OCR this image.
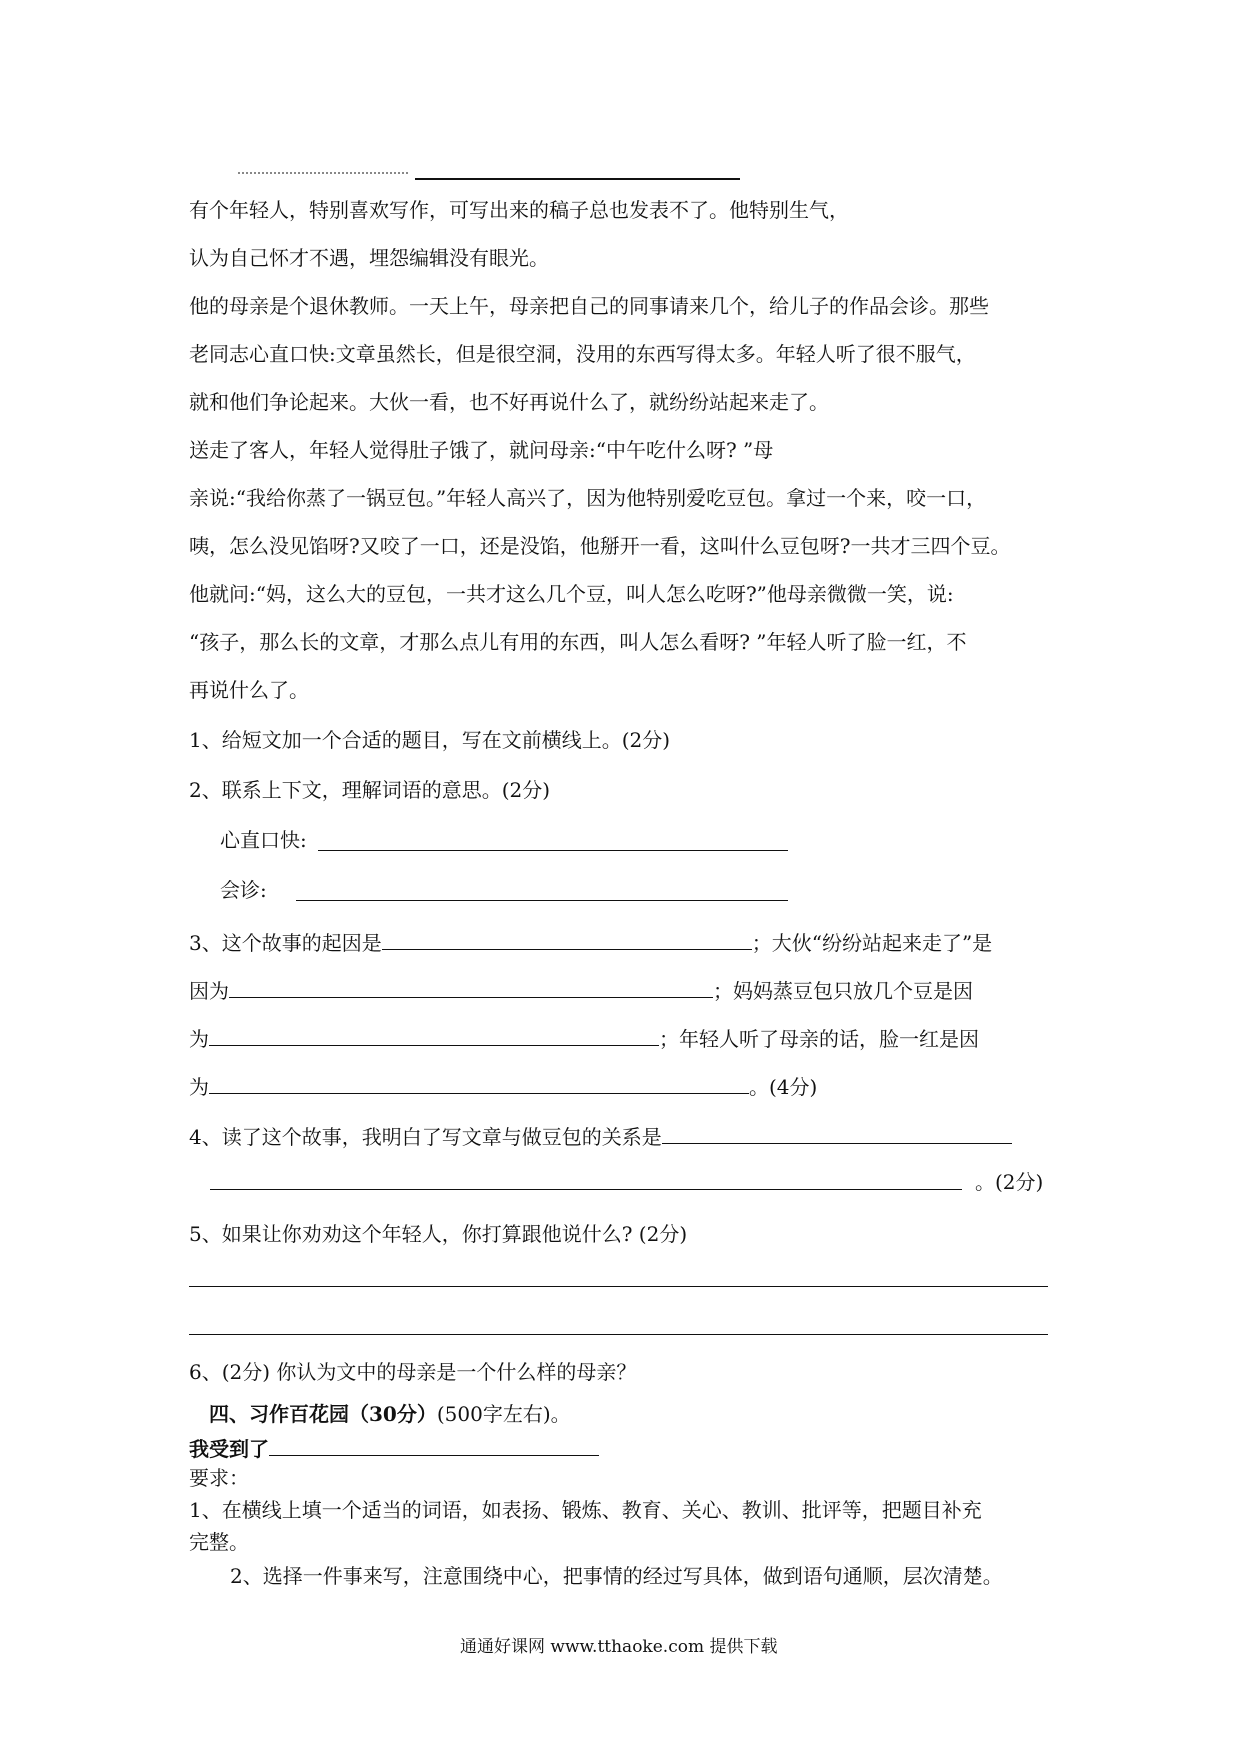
有个年轻人，特别喜欢写作，可写出来的稿子总也发表不了。他特别生气，
认为自己怀才不遇，埋怨编辑没有眼光。
他的母亲是个退休教师。一天上午，母亲把自己的同事请来几个，给儿子的作品会诊。那些
老同志心直口快:文章虽然长，但是很空洞，没用的东西写得太多。年轻人听了很不服气，
就和他们争论起来。大伙一看，也不好再说什么了，就纷纷站起来走了。
送走了客人，年轻人觉得肚子饿了，就问母亲:“中午吃什么呀? ”母
亲说:“我给你蒸了一锅豆包。”年轻人高兴了，因为他特别爱吃豆包。拿过一个来，咬一口，
咦，怎么没见馅呀?又咬了一口，还是没馅，他掰开一看，这叫什么豆包呀?一共才三四个豆。
他就问:“妈，这么大的豆包，一共才这么几个豆，叫人怎么吃呀?”他母亲微微一笑，说:
“孩子，那么长的文章，才那么点儿有用的东西，叫人怎么看呀? ”年轻人听了脸一红，不
再说什么了。
1、给短文加一个合适的题目，写在文前横线上。(2分)
2、联系上下文，理解词语的意思。(2分)
心直口快:
会诊:
3、这个故事的起因是	；大伙“纷纷站起来走了”是
因为	；妈妈蒸豆包只放几个豆是因
为	；年轻人听了母亲的话，脸一红是因
为	。(4分)
4、读了这个故事，我明白了写文章与做豆包的关系是
。(2分)
5、如果让你劝劝这个年轻人，你打算跟他说什么? (2分)
6、(2分) 你认为文中的母亲是一个什么样的母亲？
四、习作百花园（30分）(500字左右)。
我受到了
要求：
1、在横线上填一个适当的词语，如表扬、锻炼、教育、关心、教训、批评等，把题目补充
完整。
2、选择一件事来写，注意围绕中心，把事情的经过写具体，做到语句通顺，层次清楚。
通通好课网 www.tthaoke.com 提供下载
